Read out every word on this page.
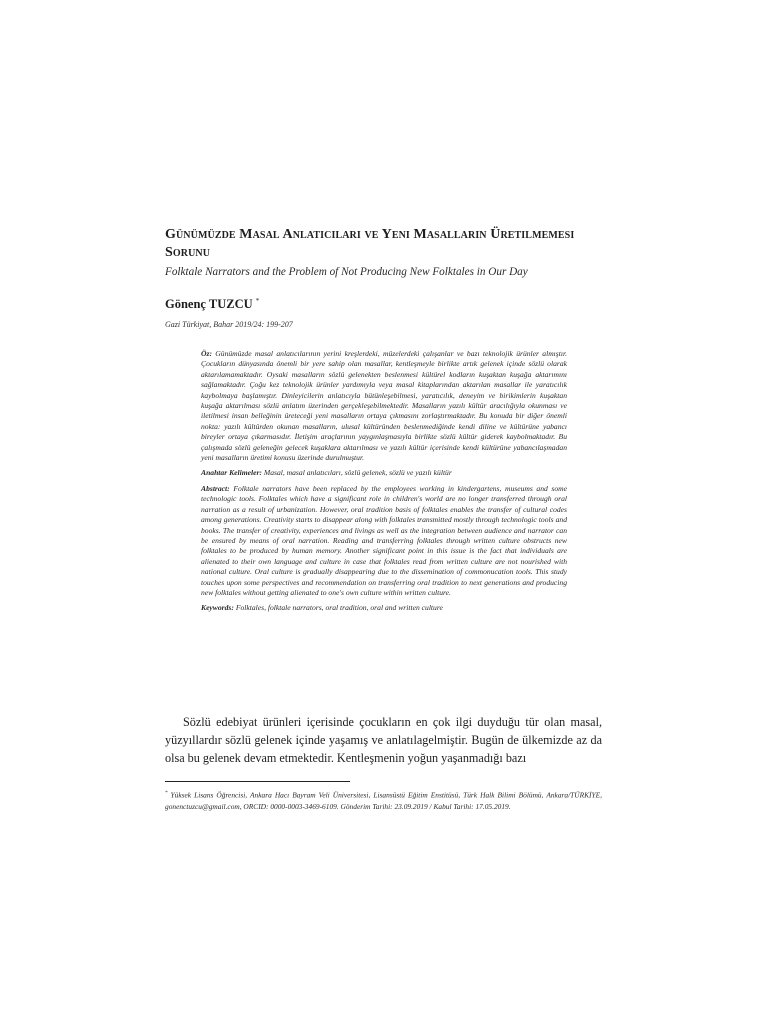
Günümüzde Masal Anlatıcıları ve Yeni Masalların Üretilmemesi Sorunu
Folktale Narrators and the Problem of Not Producing New Folktales in Our Day
Gönenç TUZCU *
Gazi Türkiyat, Bahar 2019/24: 199-207

Öz: Günümüzde masal anlatıcılarının yerini kreşlerdeki, müzelerdeki çalışanlar ve bazı teknolojik ürünler almıştır. Çocukların dünyasında önemli bir yere sahip olan masallar, kentleşmeyle birlikte artık gelenek içinde sözlü olarak aktarılamamaktadır. Oysaki masalların sözlü gelenekten beslenmesi kültürel kodların kuşaktan kuşağa aktarımını sağlamaktadır. Çoğu kez teknolojik ürünler yardımıyla veya masal kitaplarından aktarılan masallar ile yaratıcılık kaybolmaya başlamıştır. Dinleyicilerin anlatıcıyla bütünleşebilmesi, yaratıcılık, deneyim ve birikimlerin kuşaktan kuşağa aktarılması sözlü anlatım üzerinden gerçekleşebilmektedir. Masalların yazılı kültür aracılığıyla okunması ve iletilmesi insan belleğinin üreteceği yeni masalların ortaya çıkmasını zorlaştırmaktadır. Bu konuda bir diğer önemli nokta: yazılı kültürden okunan masalların, ulusal kültüründen beslenmediğinde kendi diline ve kültürüne yabancı bireyler ortaya çıkarmasıdır. İletişim araçlarının yaygınlaşmasıyla birlikte sözlü kültür giderek kaybolmaktadır. Bu çalışmada sözlü geleneğin gelecek kuşaklara aktarılması ve yazılı kültür içerisinde kendi kültürüne yabancılaşmadan yeni masalların üretimi konusu üzerinde durulmuştur.

Anahtar Kelimeler: Masal, masal anlatıcıları, sözlü gelenek, sözlü ve yazılı kültür

Abstract: Folktale narrators have been replaced by the employees working in kindergartens, museums and some technologic tools. Folktales which have a significant role in children's world are no longer transferred through oral narration as a result of urbanization. However, oral tradition basis of folktales enables the transfer of cultural codes among generations. Creativity starts to disappear along with folktales transmitted mostly through technologic tools and books. The transfer of creativity, experiences and livings as well as the integration between audience and narrator can be ensured by means of oral narration. Reading and transferring folktales through written culture obstructs new folktales to be produced by human memory. Another significant point in this issue is the fact that individuals are alienated to their own language and culture in case that folktales read from written culture are not nourished with national culture. Oral culture is gradually disappearing due to the dissemination of commonucation tools. This study touches upon some perspectives and recommendation on transferring oral tradition to next generations and producing new folktales without getting alienated to one's own culture within written culture.

Keywords: Folktales, folktale narrators, oral tradition, oral and written culture

Sözlü edebiyat ürünleri içerisinde çocukların en çok ilgi duyduğu tür olan masal, yüzyıllardır sözlü gelenek içinde yaşamış ve anlatılagelmiştir. Bugün de ülkemizde az da olsa bu gelenek devam etmektedir. Kentleşmenin yoğun yaşanmadığı bazı

* Yüksek Lisans Öğrencisi, Ankara Hacı Bayram Veli Üniversitesi, Lisansüstü Eğitim Enstitüsü, Türk Halk Bilimi Bölümü, Ankara/TÜRKİYE, gonenctuzcu@gmail.com, ORCID: 0000-0003-3469-6109. Gönderim Tarihi: 23.09.2019 / Kabul Tarihi: 17.05.2019.
